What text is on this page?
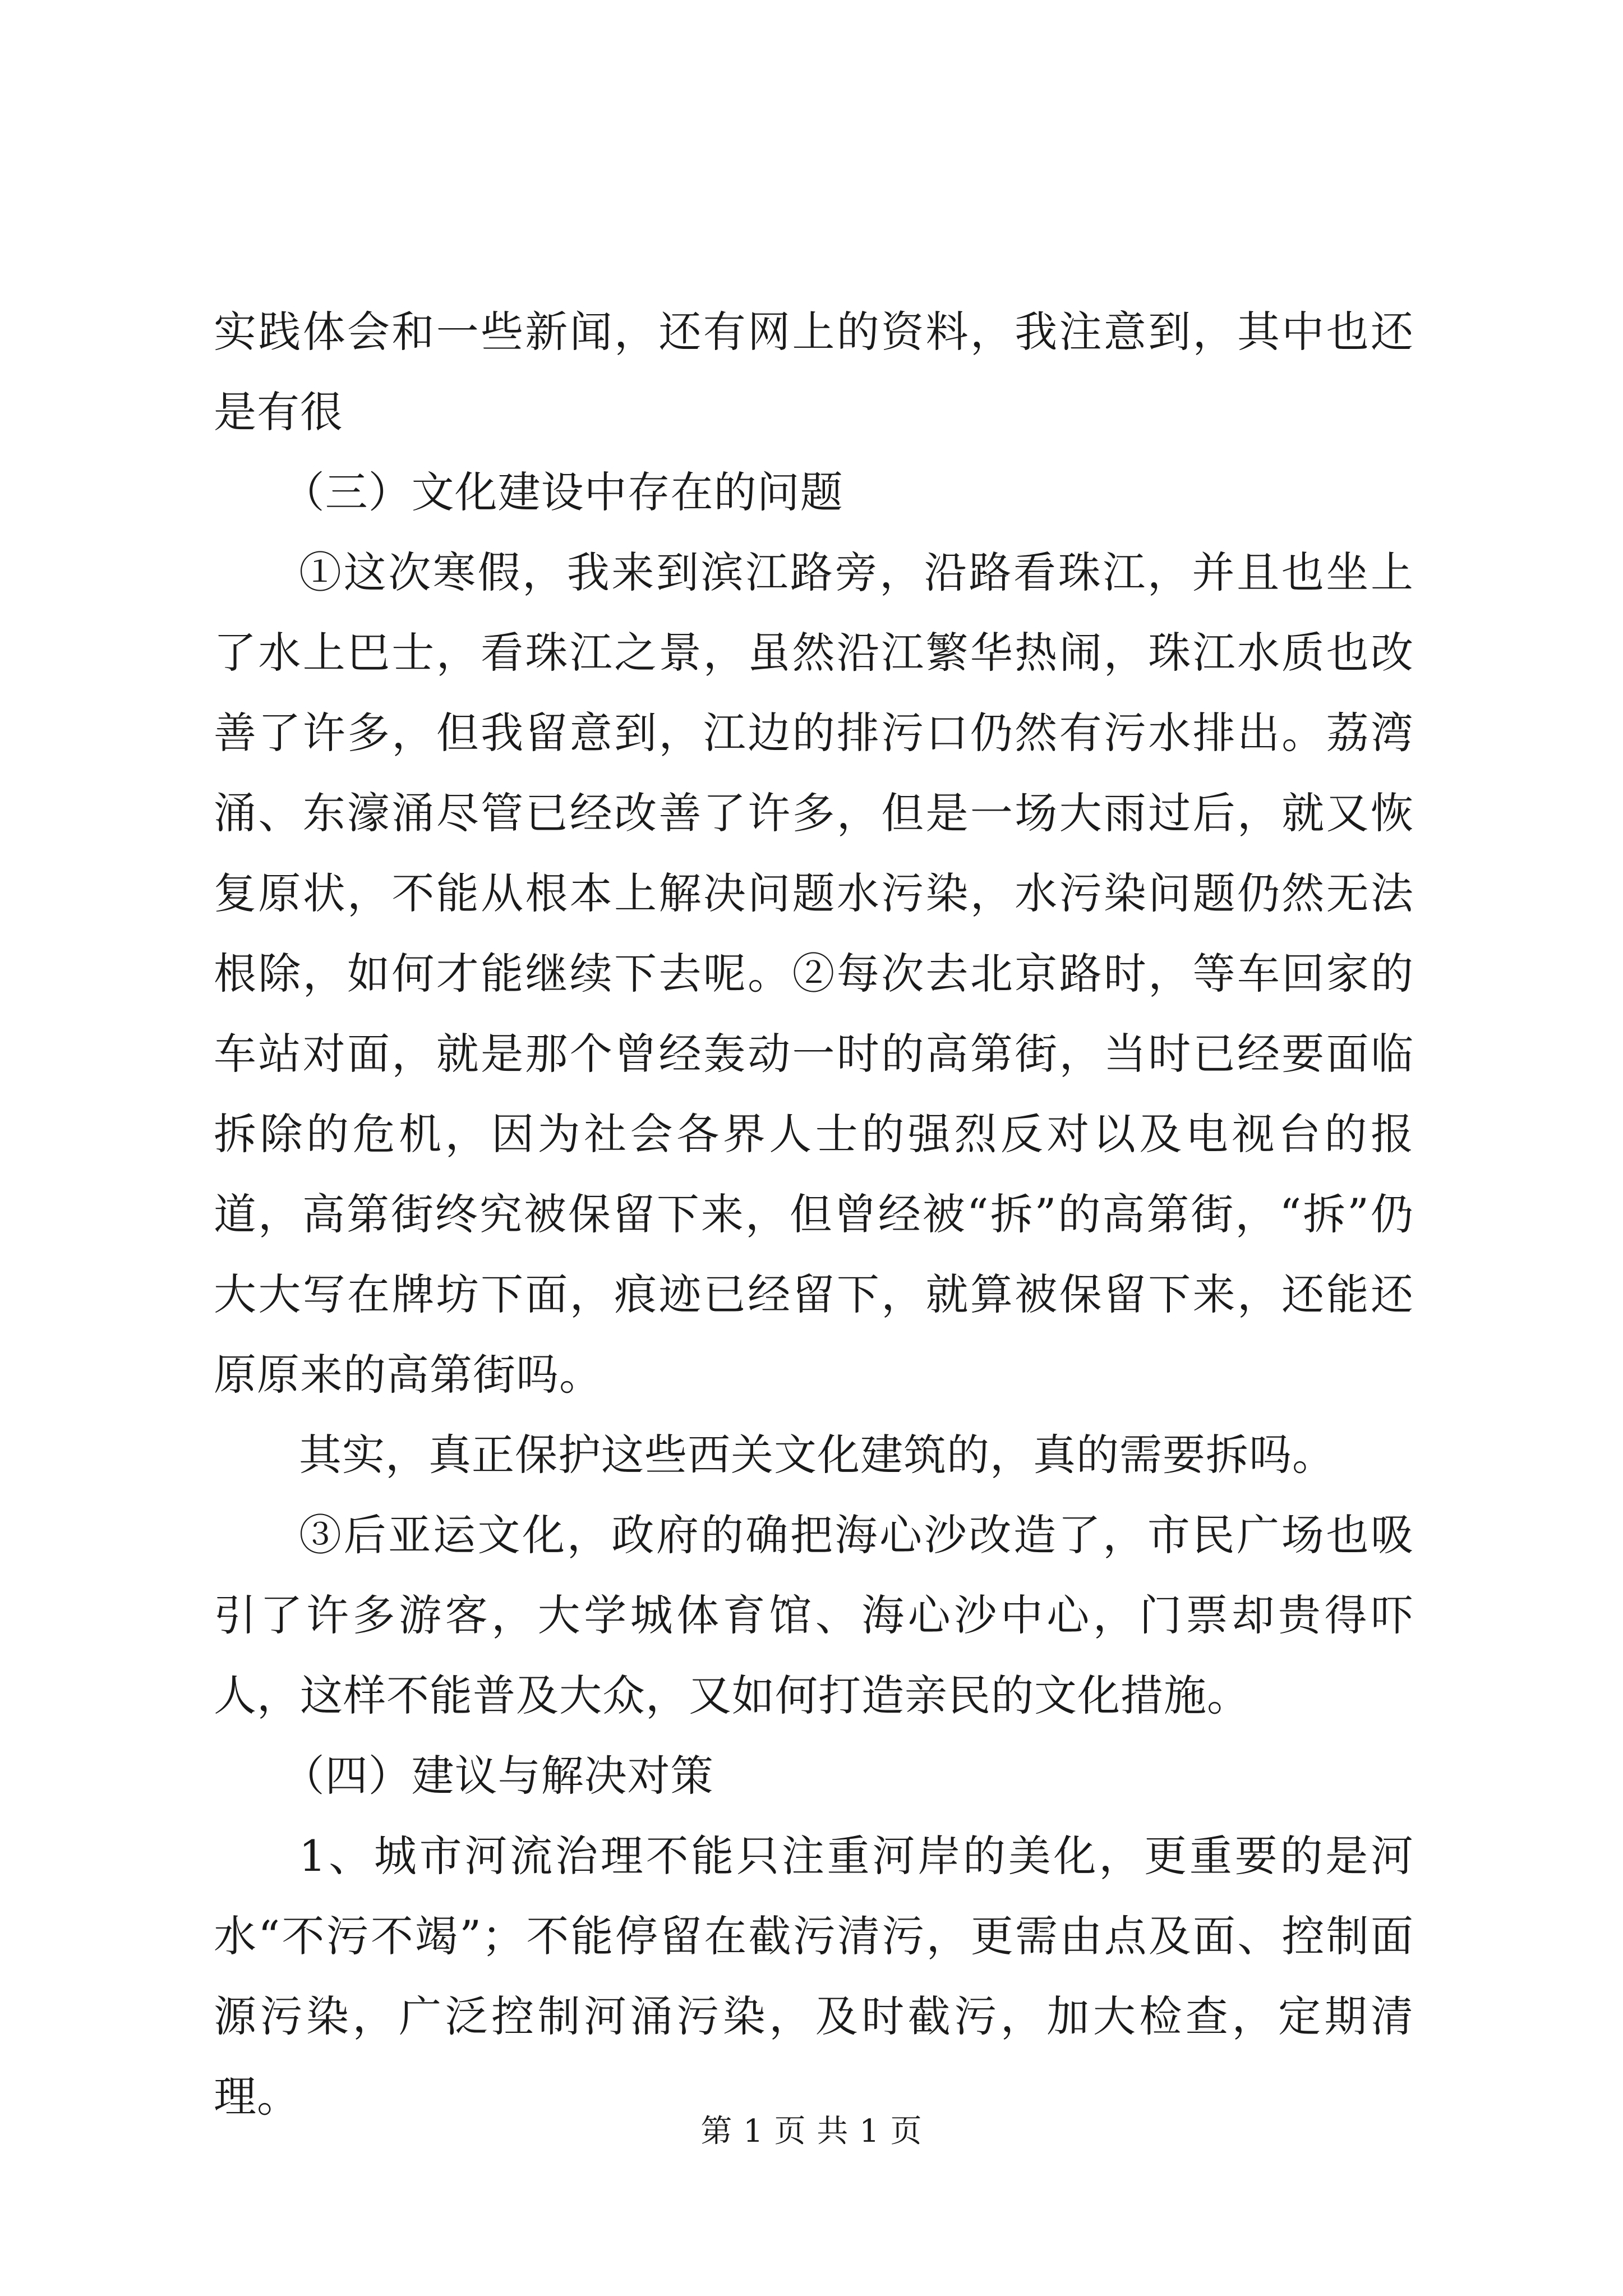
实践体会和一些新闻，还有网上的资料，我注意到，其中也还是有很

（三）文化建设中存在的问题

①这次寒假，我来到滨江路旁，沿路看珠江，并且也坐上了水上巴士，看珠江之景，虽然沿江繁华热闹，珠江水质也改善了许多，但我留意到，江边的排污口仍然有污水排出。荔湾涌、东濠涌尽管已经改善了许多，但是一场大雨过后，就又恢复原状，不能从根本上解决问题水污染，水污染问题仍然无法根除，如何才能继续下去呢。②每次去北京路时，等车回家的车站对面，就是那个曾经轰动一时的高第街，当时已经要面临拆除的危机，因为社会各界人士的强烈反对以及电视台的报道，高第街终究被保留下来，但曾经被“拆”的高第街，“拆”仍大大写在牌坊下面，痕迹已经留下，就算被保留下来，还能还原原来的高第街吗。

其实，真正保护这些西关文化建筑的，真的需要拆吗。

③后亚运文化，政府的确把海心沙改造了，市民广场也吸引了许多游客，大学城体育馆、海心沙中心，门票却贵得吓人，这样不能普及大众，又如何打造亲民的文化措施。

（四）建议与解决对策

1、城市河流治理不能只注重河岸的美化，更重要的是河水“不污不竭”；不能停留在截污清污，更需由点及面、控制面源污染，广泛控制河涌污染，及时截污，加大检查，定期清理。

第 1 页 共 1 页
